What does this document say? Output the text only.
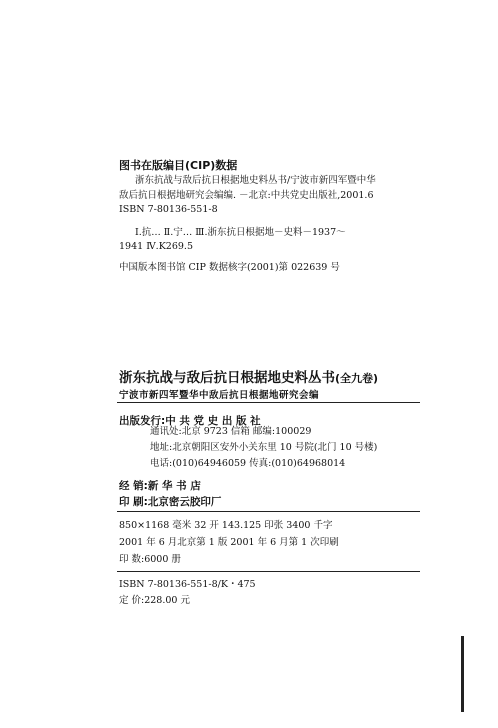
图书在版编目(CIP)数据
浙东抗战与敌后抗日根据地史料丛书/宁波市新四军暨中华
敌后抗日根据地研究会编编. －北京:中共党史出版社,2001.6
ISBN 7-80136-551-8
Ⅰ.抗… Ⅱ.宁… Ⅲ.浙东抗日根据地－史料－1937～
1941 Ⅳ.K269.5
中国版本图书馆 CIP 数据核字(2001)第 022639 号
浙东抗战与敌后抗日根据地史料丛书(全九卷)
宁波市新四军暨华中敌后抗日根据地研究会编
出版发行:中 共 党 史 出 版 社
通讯处:北京 9723 信箱 邮编:100029
地址:北京朝阳区安外小关东里 10 号院(北门 10 号楼)
电话:(010)64946059 传真:(010)64968014
经 销:新 华 书 店
印 刷:北京密云胶印厂
850×1168 毫米 32 开 143.125 印张 3400 千字
2001 年 6 月北京第 1 版 2001 年 6 月第 1 次印刷
印 数:6000 册
ISBN 7-80136-551-8/K・475
定 价:228.00 元
